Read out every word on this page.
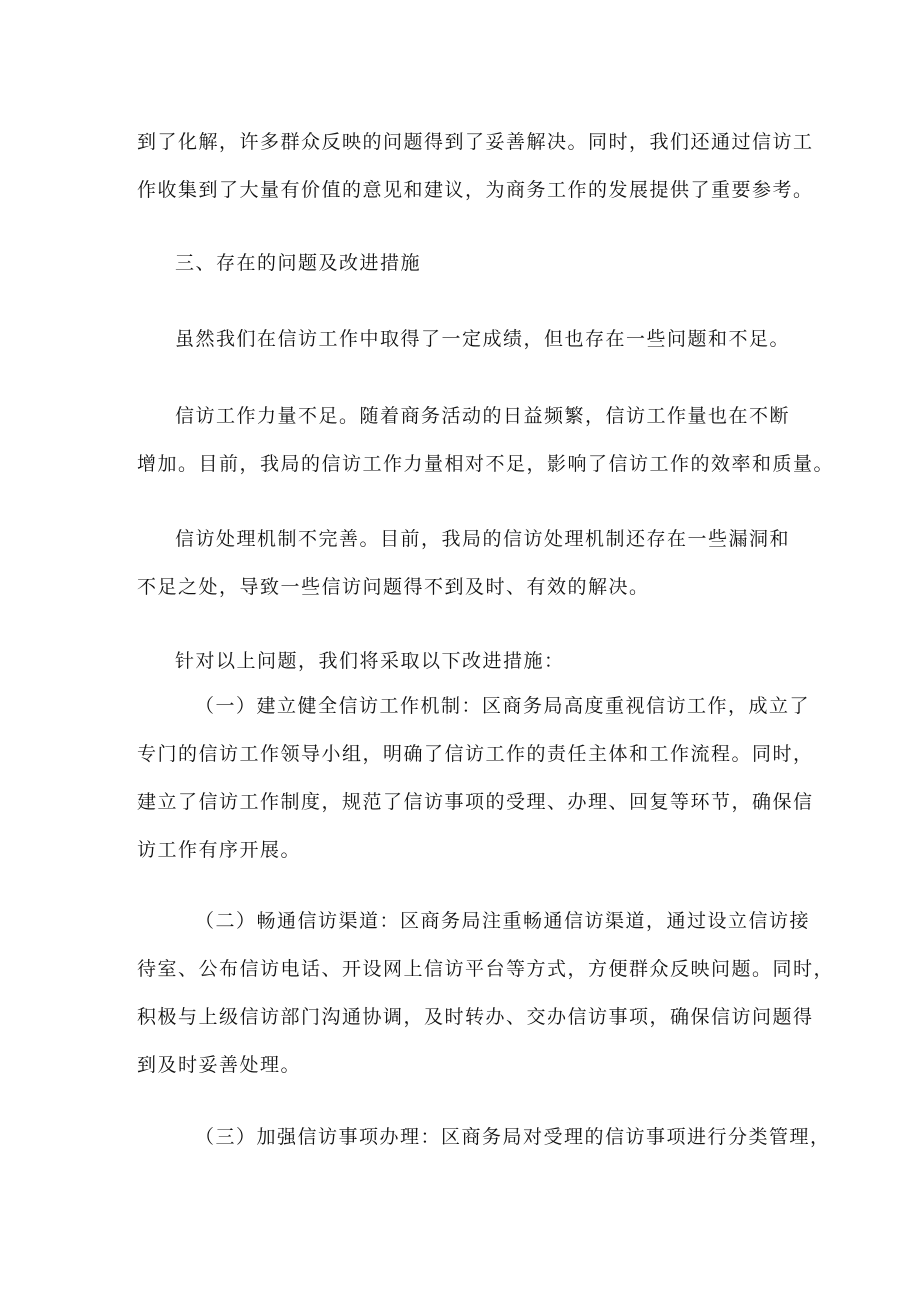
到了化解，许多群众反映的问题得到了妥善解决。同时，我们还通过信访工
作收集到了大量有价值的意见和建议，为商务工作的发展提供了重要参考。

三、存在的问题及改进措施

虽然我们在信访工作中取得了一定成绩，但也存在一些问题和不足。

信访工作力量不足。随着商务活动的日益频繁，信访工作量也在不断
增加。目前，我局的信访工作力量相对不足，影响了信访工作的效率和质量。

信访处理机制不完善。目前，我局的信访处理机制还存在一些漏洞和
不足之处，导致一些信访问题得不到及时、有效的解决。

针对以上问题，我们将采取以下改进措施：

（一）建立健全信访工作机制：区商务局高度重视信访工作，成立了
专门的信访工作领导小组，明确了信访工作的责任主体和工作流程。同时，
建立了信访工作制度，规范了信访事项的受理、办理、回复等环节，确保信
访工作有序开展。

（二）畅通信访渠道：区商务局注重畅通信访渠道，通过设立信访接
待室、公布信访电话、开设网上信访平台等方式，方便群众反映问题。同时，
积极与上级信访部门沟通协调，及时转办、交办信访事项，确保信访问题得
到及时妥善处理。

（三）加强信访事项办理：区商务局对受理的信访事项进行分类管理，
